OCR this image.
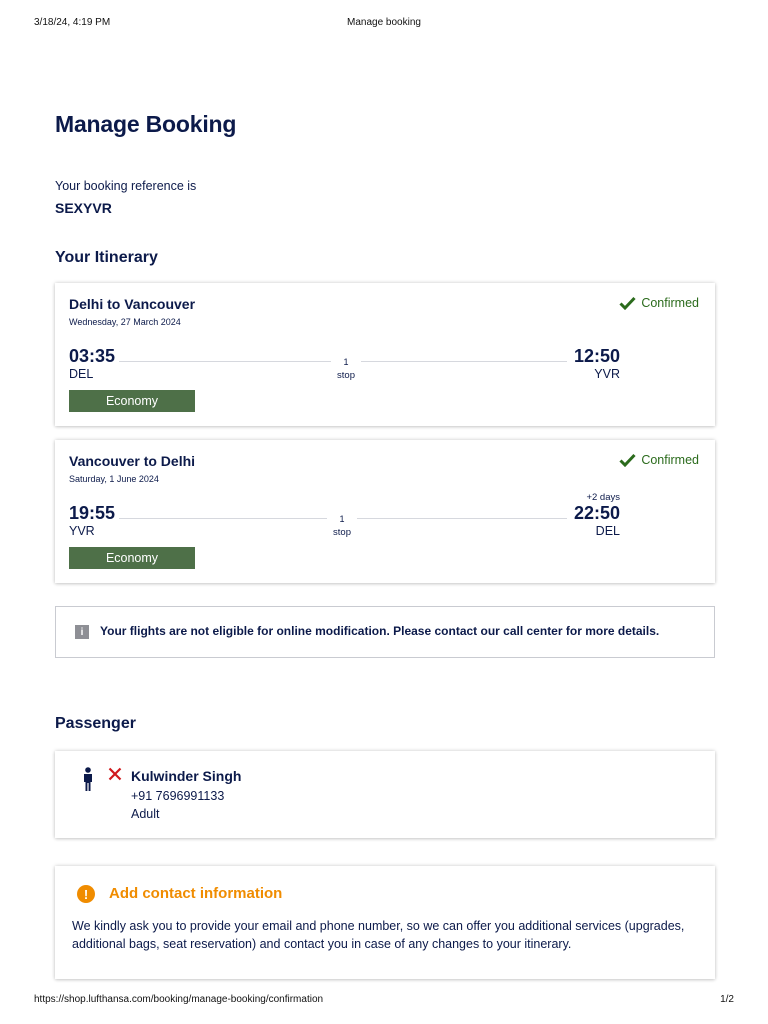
3/18/24, 4:19 PM	Manage booking
Manage Booking
Your booking reference is
SEXYVR
Your Itinerary
Delhi to Vancouver
Wednesday, 27 March 2024
Confirmed
03:35
DEL
1
stop
12:50
YVR
Economy
Vancouver to Delhi
Saturday, 1 June 2024
Confirmed
+2 days
19:55
YVR
1
stop
22:50
DEL
Economy
i	Your flights are not eligible for online modification. Please contact our call center for more details.
Passenger
Kulwinder Singh
+91 7696991133
Adult
!	Add contact information
We kindly ask you to provide your email and phone number, so we can offer you additional services (upgrades, additional bags, seat reservation) and contact you in case of any changes to your itinerary.
https://shop.lufthansa.com/booking/manage-booking/confirmation	1/2
